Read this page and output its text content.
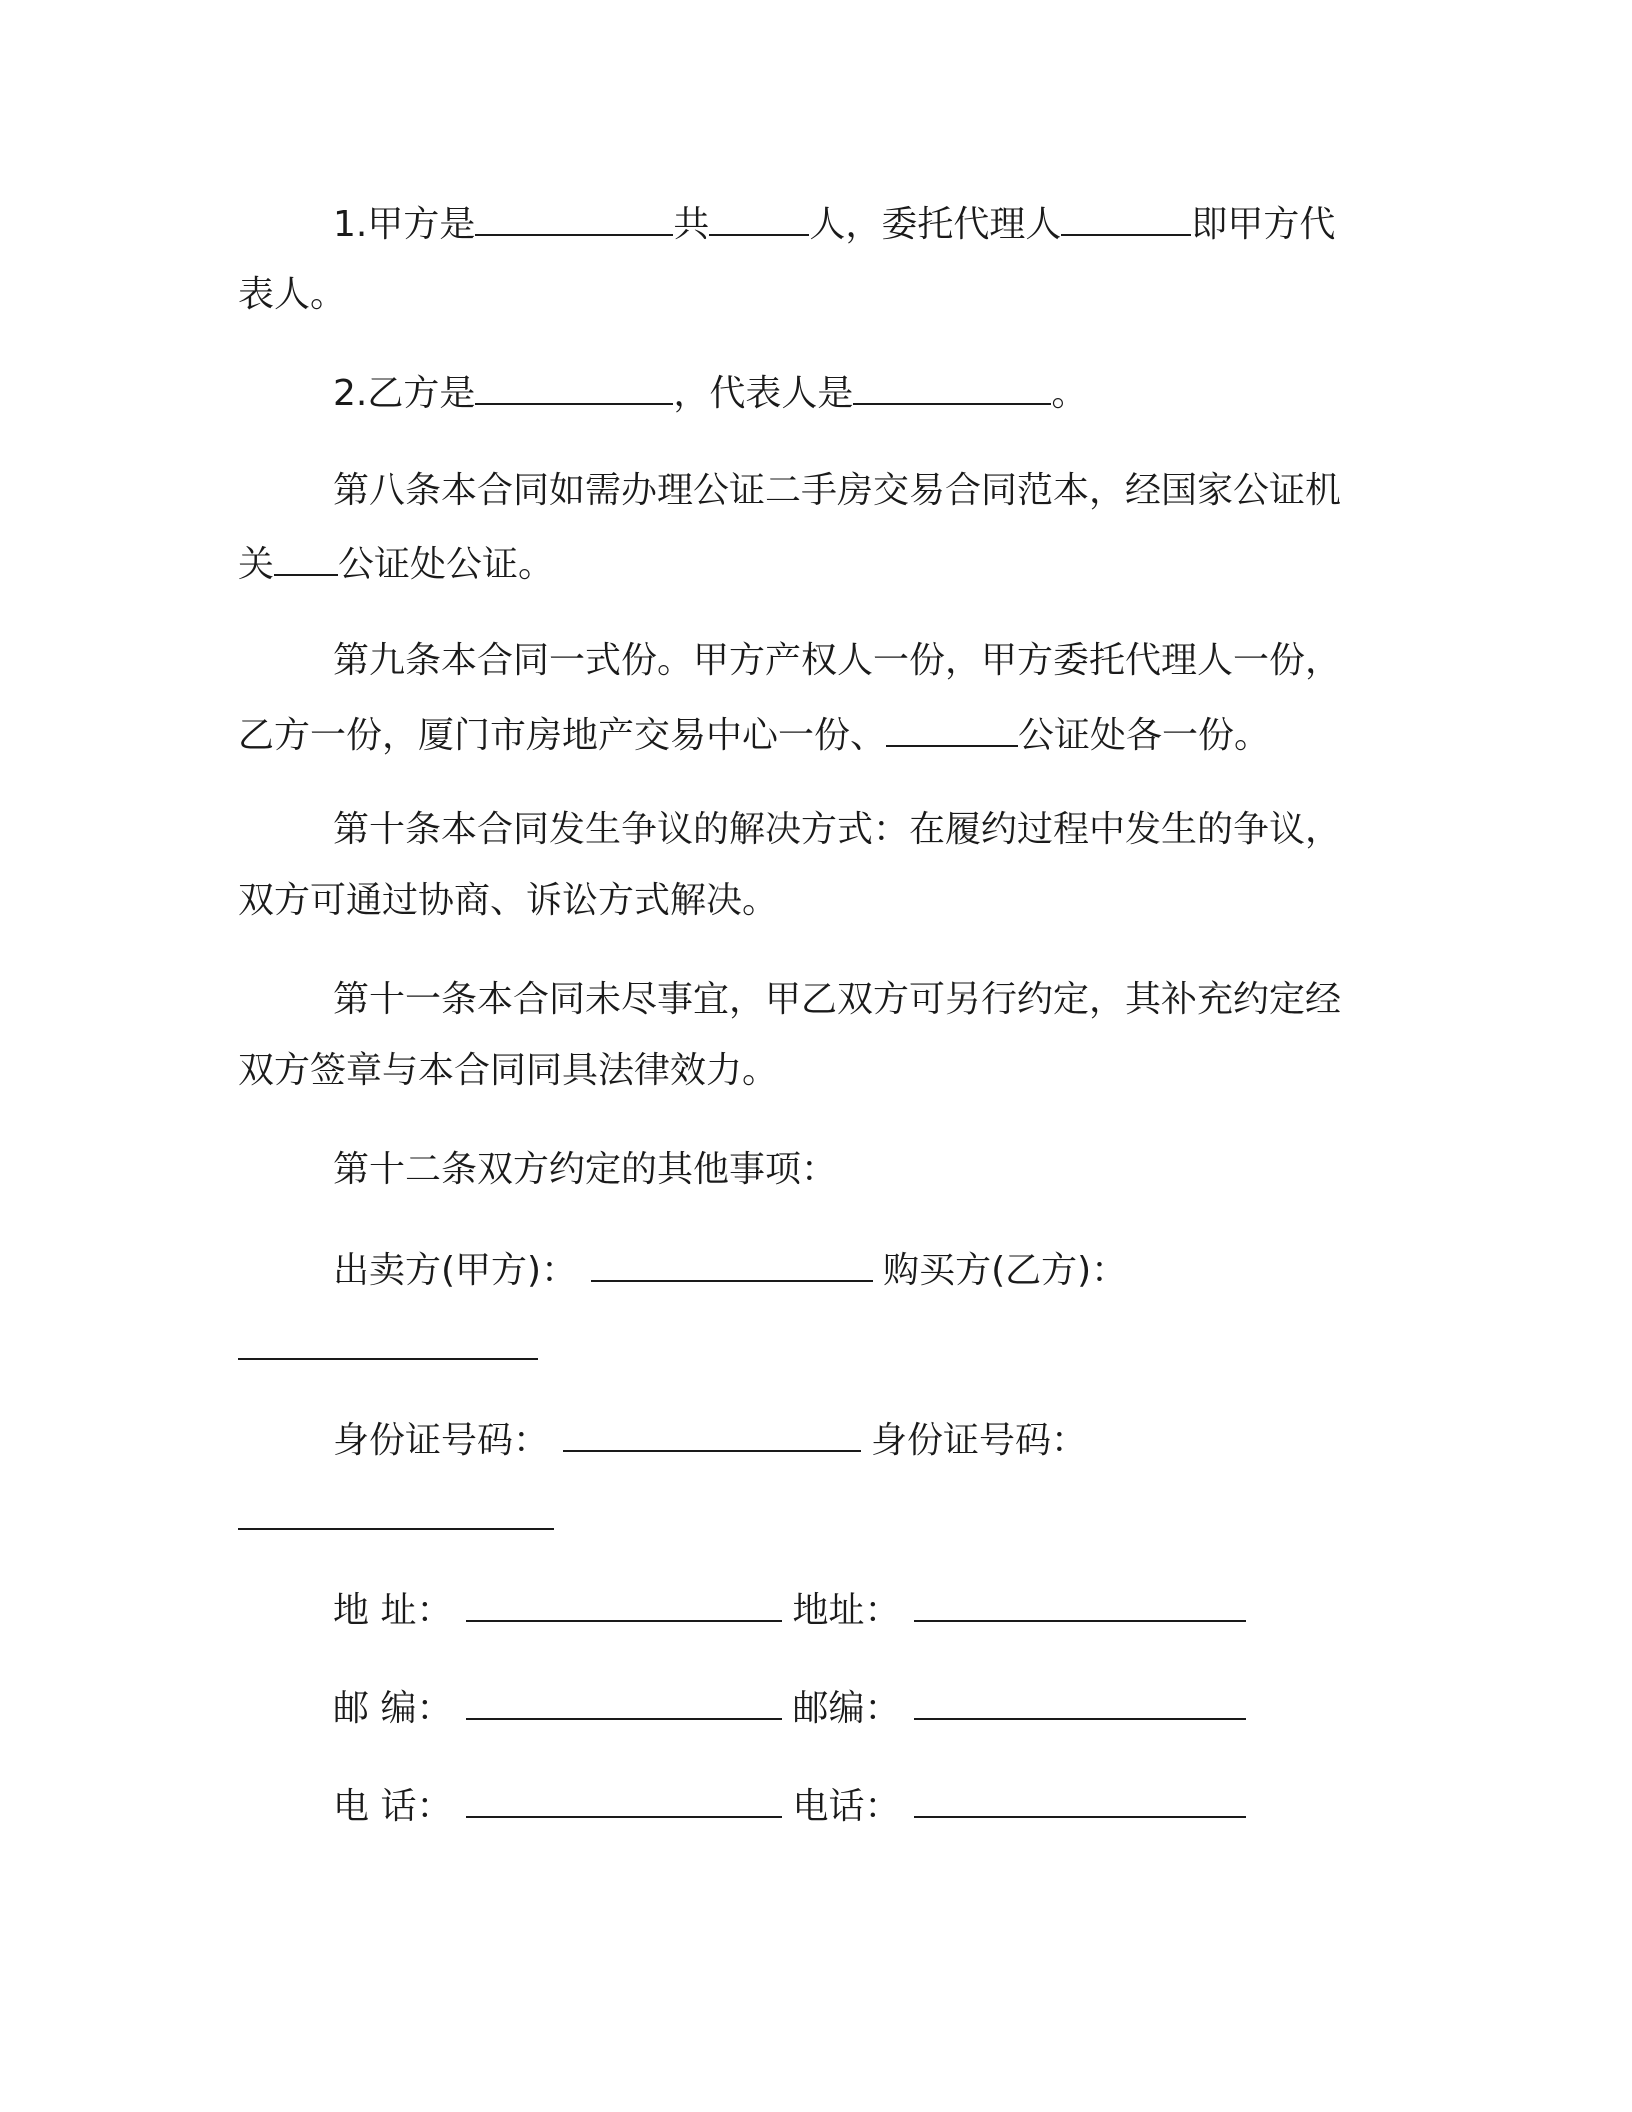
1.甲方是	共	人，委托代理人	即甲方代
表人。
2.乙方是	，代表人是	。
第八条本合同如需办理公证二手房交易合同范本，经国家公证机
关 公证处公证。
第九条本合同一式份。甲方产权人一份，甲方委托代理人一份，
乙方一份，厦门市房地产交易中心一份、	公证处各一份。
第十条本合同发生争议的解决方式：在履约过程中发生的争议，
双方可通过协商、诉讼方式解决。
第十一条本合同未尽事宜，甲乙双方可另行约定，其补充约定经
双方签章与本合同同具法律效力。
第十二条双方约定的其他事项：
出卖方(甲方)：	购买方(乙方)：
身份证号码：	身份证号码：
地 址：	地址：
邮 编：	邮编：
电 话：	电话：
